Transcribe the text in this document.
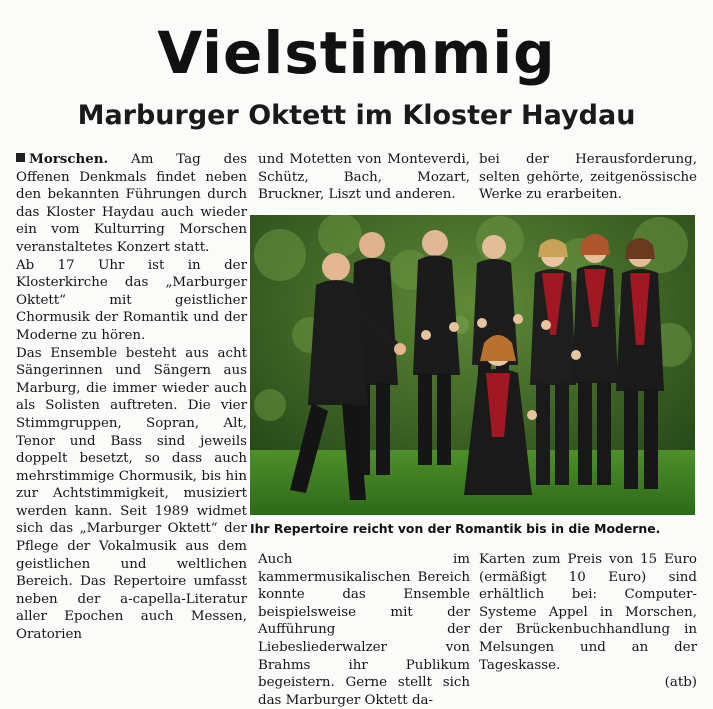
Vielstimmig
Marburger Oktett im Kloster Haydau

Morschen. Am Tag des Offenen Denkmals findet neben den bekannten Führungen durch das Kloster Haydau auch wieder ein vom Kulturring Morschen veranstaltetes Konzert statt.

Ab 17 Uhr ist in der Klosterkirche das „Marburger Oktett“ mit geistlicher Chormusik der Romantik und der Moderne zu hören.

Das Ensemble besteht aus acht Sängerinnen und Sängern aus Marburg, die immer wieder auch als Solisten auftreten. Die vier Stimmgruppen, Sopran, Alt, Tenor und Bass sind jeweils doppelt besetzt, so dass auch mehrstimmige Chormusik, bis hin zur Achtstimmigkeit, musiziert werden kann. Seit 1989 widmet sich das „Marburger Oktett“ der Pflege der Vokalmusik aus dem geistlichen und weltlichen Bereich. Das Repertoire umfasst neben der a-capella-Literatur aller Epochen auch Messen, Oratorien

und Motetten von Monteverdi, Schütz, Bach, Mozart, Bruckner, Liszt und anderen.

bei der Herausforderung, selten gehörte, zeitgenössische Werke zu erarbeiten.

Ihr Repertoire reicht von der Romantik bis in die Moderne.

Auch im kammermusikalischen Bereich konnte das Ensemble beispielsweise mit der Aufführung der Liebesliederwalzer von Brahms ihr Publikum begeistern. Gerne stellt sich das Marburger Oktett da-

Karten zum Preis von 15 Euro (ermäßigt 10 Euro) sind erhältlich bei: Computer-Systeme Appel in Morschen, der Brückenbuchhandlung in Melsungen und an der Tageskasse.

(atb)
